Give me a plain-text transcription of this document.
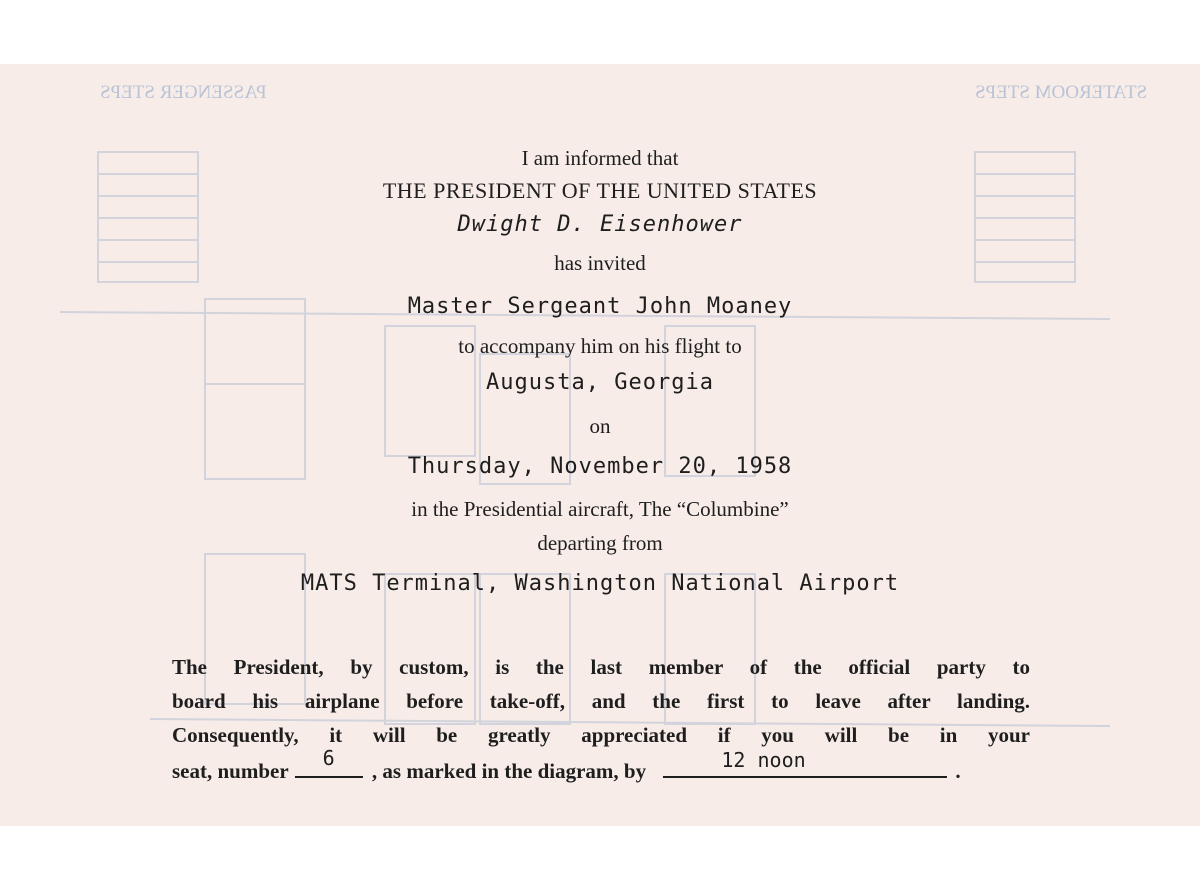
PASSENGER STEPS	STATEROOM STEPS
I am informed that
THE PRESIDENT OF THE UNITED STATES
Dwight D. Eisenhower
has invited
Master Sergeant John Moaney
to accompany him on his flight to
Augusta, Georgia
on
Thursday, November 20, 1958
in the Presidential aircraft, The “Columbine”
departing from
MATS Terminal, Washington National Airport
The President, by custom, is the last member of the official party to
board his airplane before take-off, and the first to leave after landing.
Consequently, it will be greatly appreciated if you will be in your
seat, number
6
, as marked in the diagram, by	12 noon	.
